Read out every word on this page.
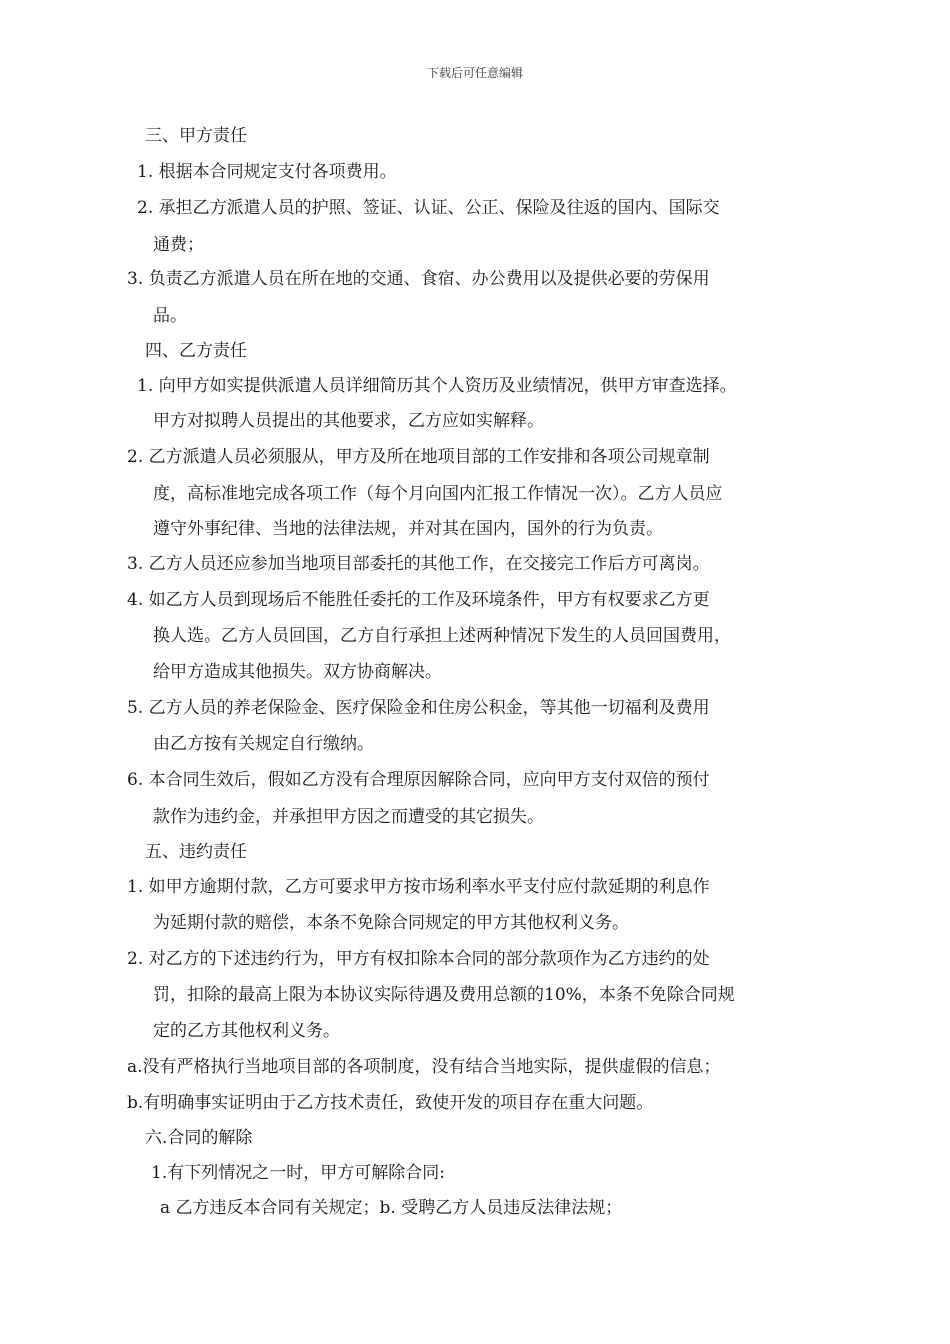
下载后可任意编辑
三、甲方责任
1. 根据本合同规定支付各项费用。
2. 承担乙方派遣人员的护照、签证、认证、公正、保险及往返的国内、国际交
通费；
3. 负责乙方派遣人员在所在地的交通、食宿、办公费用以及提供必要的劳保用
品。
四、乙方责任
1. 向甲方如实提供派遣人员详细简历其个人资历及业绩情况，供甲方审查选择。
甲方对拟聘人员提出的其他要求，乙方应如实解释。
2. 乙方派遣人员必须服从，甲方及所在地项目部的工作安排和各项公司规章制
度，高标准地完成各项工作（每个月向国内汇报工作情况一次）。乙方人员应
遵守外事纪律、当地的法律法规，并对其在国内，国外的行为负责。
3. 乙方人员还应参加当地项目部委托的其他工作，在交接完工作后方可离岗。
4. 如乙方人员到现场后不能胜任委托的工作及环境条件，甲方有权要求乙方更
换人选。乙方人员回国，乙方自行承担上述两种情况下发生的人员回国费用，
给甲方造成其他损失。双方协商解决。
5. 乙方人员的养老保险金、医疗保险金和住房公积金，等其他一切福利及费用
由乙方按有关规定自行缴纳。
6. 本合同生效后，假如乙方没有合理原因解除合同，应向甲方支付双倍的预付
款作为违约金，并承担甲方因之而遭受的其它损失。
五、违约责任
1. 如甲方逾期付款，乙方可要求甲方按市场利率水平支付应付款延期的利息作
为延期付款的赔偿，本条不免除合同规定的甲方其他权利义务。
2. 对乙方的下述违约行为，甲方有权扣除本合同的部分款项作为乙方违约的处
罚，扣除的最高上限为本协议实际待遇及费用总额的10%，本条不免除合同规
定的乙方其他权利义务。
a.没有严格执行当地项目部的各项制度，没有结合当地实际，提供虚假的信息；
b.有明确事实证明由于乙方技术责任，致使开发的项目存在重大问题。
六.合同的解除
1.有下列情况之一时，甲方可解除合同:
a 乙方违反本合同有关规定；b. 受聘乙方人员违反法律法规；
